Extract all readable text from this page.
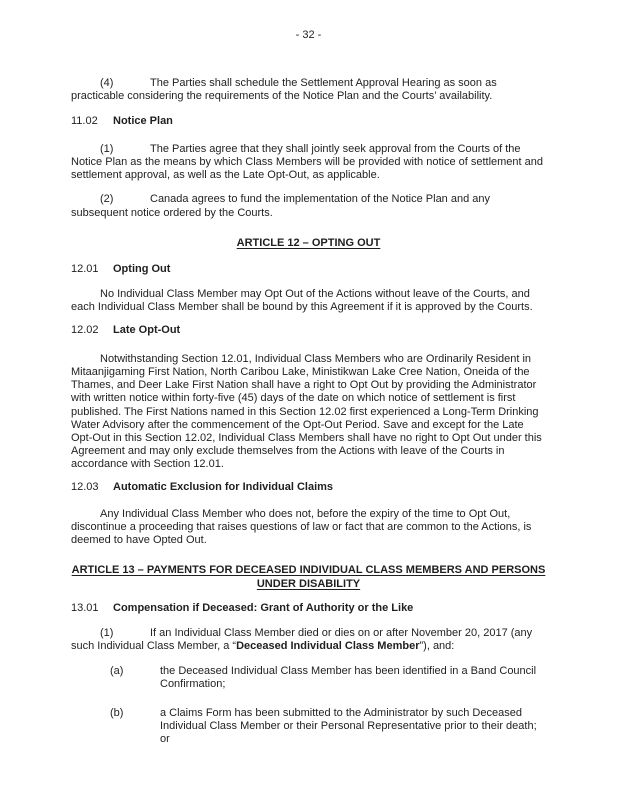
- 32 -

(4)	The Parties shall schedule the Settlement Approval Hearing as soon as practicable considering the requirements of the Notice Plan and the Courts’ availability.

11.02 Notice Plan

(1)	The Parties agree that they shall jointly seek approval from the Courts of the Notice Plan as the means by which Class Members will be provided with notice of settlement and settlement approval, as well as the Late Opt-Out, as applicable.

(2)	Canada agrees to fund the implementation of the Notice Plan and any subsequent notice ordered by the Courts.

ARTICLE 12 – OPTING OUT
12.01 Opting Out

No Individual Class Member may Opt Out of the Actions without leave of the Courts, and each Individual Class Member shall be bound by this Agreement if it is approved by the Courts.

12.02 Late Opt-Out

Notwithstanding Section 12.01, Individual Class Members who are Ordinarily Resident in Mitaanjigaming First Nation, North Caribou Lake, Ministikwan Lake Cree Nation, Oneida of the Thames, and Deer Lake First Nation shall have a right to Opt Out by providing the Administrator with written notice within forty-five (45) days of the date on which notice of settlement is first published. The First Nations named in this Section 12.02 first experienced a Long-Term Drinking Water Advisory after the commencement of the Opt-Out Period. Save and except for the Late Opt-Out in this Section 12.02, Individual Class Members shall have no right to Opt Out under this Agreement and may only exclude themselves from the Actions with leave of the Courts in accordance with Section 12.01.

12.03 Automatic Exclusion for Individual Claims

Any Individual Class Member who does not, before the expiry of the time to Opt Out, discontinue a proceeding that raises questions of law or fact that are common to the Actions, is deemed to have Opted Out.

ARTICLE 13 – PAYMENTS FOR DECEASED INDIVIDUAL CLASS MEMBERS AND PERSONS UNDER DISABILITY
13.01 Compensation if Deceased: Grant of Authority or the Like

(1)	If an Individual Class Member died or dies on or after November 20, 2017 (any such Individual Class Member, a “Deceased Individual Class Member”), and:

(a)	the Deceased Individual Class Member has been identified in a Band Council Confirmation;

(b)	a Claims Form has been submitted to the Administrator by such Deceased Individual Class Member or their Personal Representative prior to their death; or
